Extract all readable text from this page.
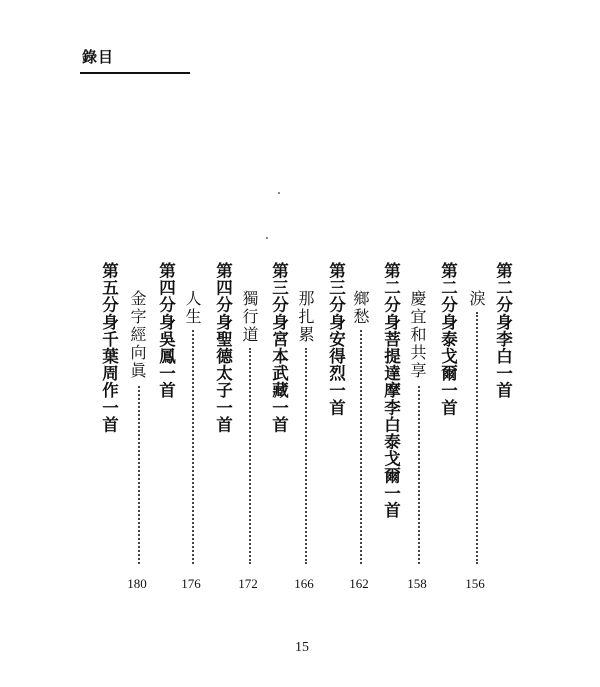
錄目
第二分身李白一首
淚
156
第二分身泰戈爾一首
慶宜和共享
158
第二分身菩提達摩李白泰戈爾一首
鄉愁
162
第三分身安得烈一首
那扎累
166
第三分身宮本武藏一首
獨行道
172
第四分身聖德太子一首
人生
176
第四分身吳鳳一首
金字經向眞
180
第五分身千葉周作一首
15
